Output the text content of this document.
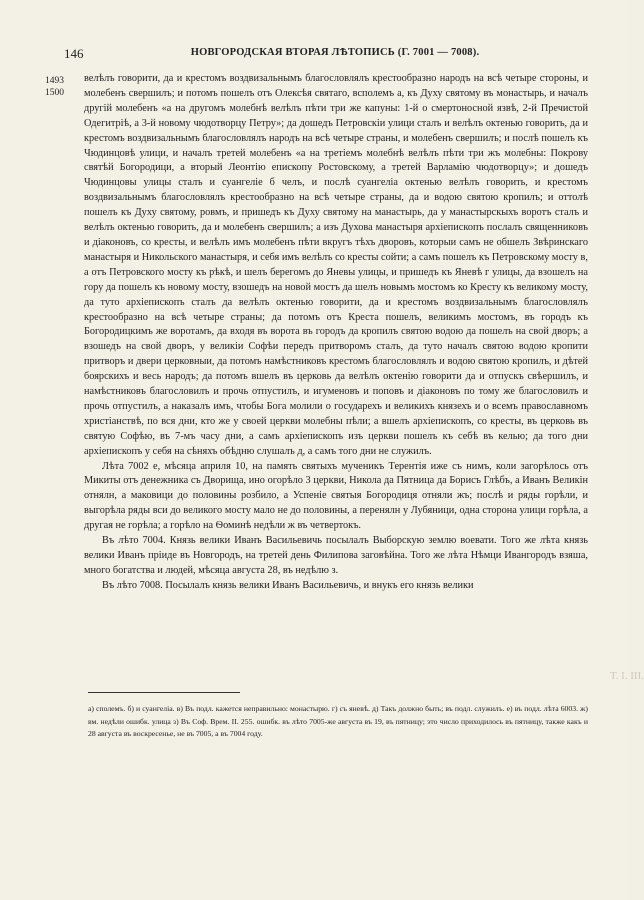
146	НОВГОРОДСКАЯ ВТОРАЯ ЛѢТОПИСЬ (Г. 7001 — 7008).
1493
1500

велѣлъ говорити, да и крестомъ воздвизальнымъ благословлялъ крестообразно народъ на всѣ четыре стороны, и молебенъ свершилъ; и потомъ пошелъ отъ Олексѣя святаго, всполемъ а, къ Духу святому въ монастырь, и началъ другій молебенъ «а на другомъ молебнѣ велѣлъ пѣти три же капуны: 1-й о смертоносной язвѣ, 2-й Пречистой Одегитріѣ, а 3-й новому чюдотворцу Петру»; да дошедъ Петровскіи улици сталъ и велѣлъ октенью говорить, да и крестомъ воздвизальнымъ благословлялъ народъ на всѣ четыре страны, и молебенъ свершилъ; и послѣ пошелъ къ Чюдинцовѣ улици, и началъ третей молебенъ «а на третіемъ молебнѣ велѣлъ пѣти три жъ молебны: Покрову святѣй Богородици, а вторый Леонтію епископу Ростовскому, а третей Варламію чюдотворцу»; и дошедъ Чюдинцовы улицы сталъ и суангеліе б челъ, и послѣ суангеліа октенью велѣлъ говорить, и крестомъ воздвизальнымъ благословлялъ крестообразно на всѣ четыре страны, да и водою святою кропилъ; и оттолѣ пошелъ къ Духу святому, ровмъ, и пришедъ къ Духу святому на манастырь, да у манастырскыхъ воротъ сталъ и велѣлъ октенью говорить, да и молебенъ свершилъ; а изъ Духова манастыря архіепископъ послалъ священниковъ и діаконовъ, со кресты, и велѣлъ имъ молебенъ пѣти вкругъ тѣхъ дворовъ, которыи самъ не обшелъ Звѣринскаго манастыря и Никольского манастыря, и себя имъ велѣлъ со кресты сойти; а самъ пошелъ къ Петровскому мосту в, а отъ Петровского мосту къ рѣкѣ, и шелъ берегомъ до Яневы улицы, и пришедъ къ Яневѣ г улицы, да взошелъ на гору да пошелъ къ новому мосту, взошедъ на новой мостъ да шелъ новымъ мостомъ ко Кресту къ великому мосту, да туто архіепископъ сталъ да велѣлъ октенью говорити, да и крестомъ воздвизальнымъ благословлялъ крестообразно на всѣ четыре страны; да потомъ отъ Креста пошелъ, великимъ мостомъ, въ городъ къ Богородицкимъ же воротамъ, да входя въ ворота въ городъ да кропилъ святою водою да пошелъ на свой дворъ; а взошедъ на свой дворъ, у великіи Софѣи передъ притворомъ сталъ, да туто началъ святою водою кропити притворъ и двери церковныи, да потомъ намѣстниковъ крестомъ благословлялъ и водою святою кропилъ, и дѣтей боярскихъ и весь народъ; да потомъ вшелъ въ церковь да велѣлъ октенію говорити да и отпускъ свѣершилъ, и намѣстниковъ благословилъ и прочь отпустилъ, и игуменовъ и поповъ и діаконовъ по тому же благословилъ и прочь отпустилъ, а наказалъ имъ, чтобы Бога молили о государехъ и великихъ князехъ и о всемъ православномъ христіанствѣ, по вся дни, кто же у своей церкви молебны пѣли; а вшелъ архіепископъ, со кресты, въ церковь въ святую Софѣю, въ 7-мъ часу дни, а самъ архіепископъ изъ церкви пошелъ къ себѣ въ келью; да того дни архіепископъ у себя на сѣняхъ обѣдню слушалъ д, а самъ того дни не служилъ.

Лѣта 7002 е, мѣсяца априля 10, на память святыхъ мученикъ Терентія иже съ нимъ, коли загорѣлось отъ Микиты отъ денежника съ Дворища, ино огорѣло 3 церкви, Никола да Пятница да Борисъ Глѣбъ, а Иванъ Великін отнялн, а маковици до половины розбило, а Успеніе святыя Богородиця отняли жъ; послѣ и ряды горѣли, и выгорѣла ряды вси до великого мосту мало не до половины, а перенялн у Лубяници, одна сторона улици горѣла, а другая не горѣла; а горѣло на Ѳоминѣ недѣли ж въ четвертокъ.

Въ лѣто 7004. Князь велики Иванъ Васильевичь посылалъ Выборскую землю воевати. Того же лѣта князь велики Иванъ пріиде въ Новгородъ, на третей день Филипова заговѣйна. Того же лѣта Нѣмци Ивангородъ взяша, много богатства и людей, мѣсяца августа 28, въ недѣлю з.

Въ лѣто 7008. Посылалъ князь велики Иванъ Васильевичь, и внукъ его князь велики

а) сполемъ. б) и суангеліа. в) Въ подл. кажется неправильно: монастырю. г) съ яневѣ. д) Такъ должно быть; въ подл. служилъ. е) въ подл. лѣта 6003. ж) вм. недѣли ошибк. улица з) Въ Соф. Врем. II. 255. ошибк. въ лѣто 7005-же августа въ 19, въ пятницу; это число приходилось въ пятницу, также какъ и 28 августа въ воскресенье, не въ 7005, а въ 7004 году.
Т. I. III.
